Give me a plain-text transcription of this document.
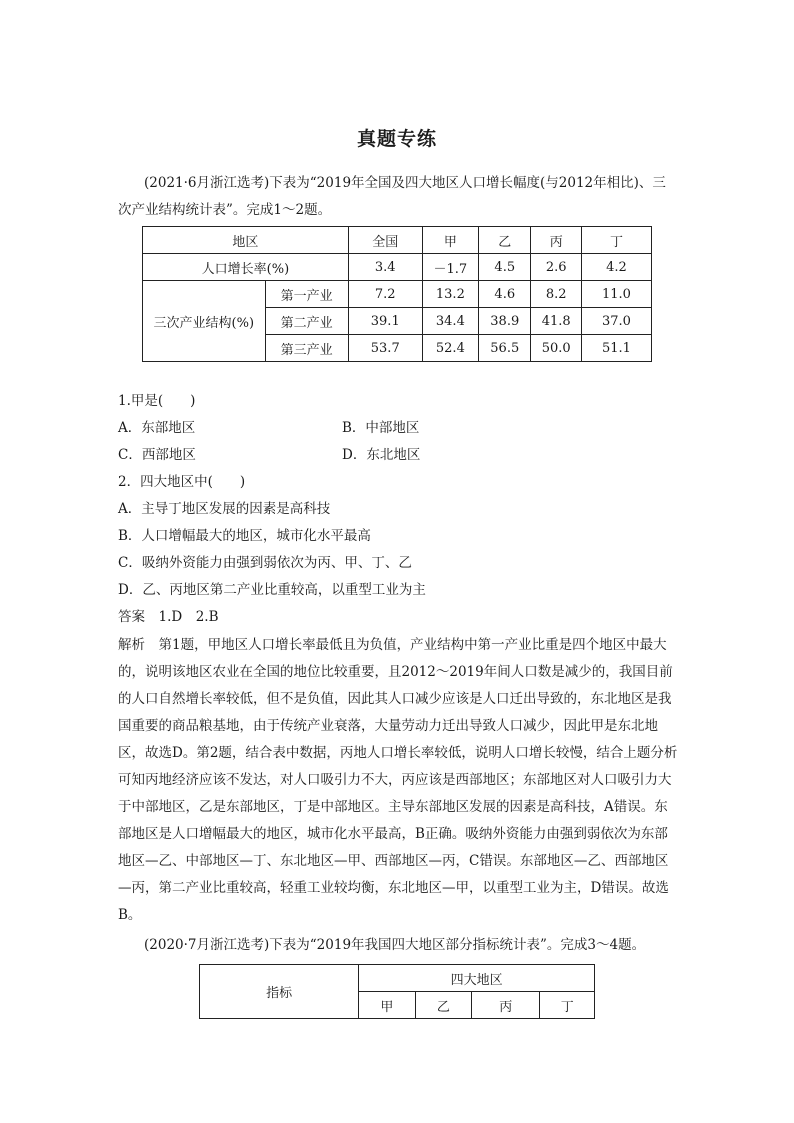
真题专练
(2021·6月浙江选考)下表为“2019年全国及四大地区人口增长幅度(与2012年相比)、三次产业结构统计表”。完成1～2题。
地区		全国	甲	乙	丙	丁
人口增长率(%)		3.4	－1.7	4.5	2.6	4.2
三次产业结构(%)	第一产业	7.2	13.2	4.6	8.2	11.0
	第二产业	39.1	34.4	38.9	41.8	37.0
	第三产业	53.7	52.4	56.5	50.0	51.1
1.甲是(　　)
A．东部地区	B．中部地区
C．西部地区	D．东北地区
2．四大地区中(　　)
A．主导丁地区发展的因素是高科技
B．人口增幅最大的地区，城市化水平最高
C．吸纳外资能力由强到弱依次为丙、甲、丁、乙
D．乙、丙地区第二产业比重较高，以重型工业为主
答案　1.D　2.B
解析　第1题，甲地区人口增长率最低且为负值，产业结构中第一产业比重是四个地区中最大的，说明该地区农业在全国的地位比较重要，且2012～2019年间人口数是减少的，我国目前的人口自然增长率较低，但不是负值，因此其人口减少应该是人口迁出导致的，东北地区是我国重要的商品粮基地，由于传统产业衰落，大量劳动力迁出导致人口减少，因此甲是东北地区，故选D。第2题，结合表中数据，丙地人口增长率较低，说明人口增长较慢，结合上题分析可知丙地经济应该不发达，对人口吸引力不大，丙应该是西部地区；东部地区对人口吸引力大于中部地区，乙是东部地区，丁是中部地区。主导东部地区发展的因素是高科技，A错误。东部地区是人口增幅最大的地区，城市化水平最高，B正确。吸纳外资能力由强到弱依次为东部地区—乙、中部地区—丁、东北地区—甲、西部地区—丙，C错误。东部地区—乙、西部地区—丙，第二产业比重较高，轻重工业较均衡，东北地区—甲，以重型工业为主，D错误。故选B。
(2020·7月浙江选考)下表为“2019年我国四大地区部分指标统计表”。完成3～4题。
指标	四大地区			
	甲	乙	丙	丁
